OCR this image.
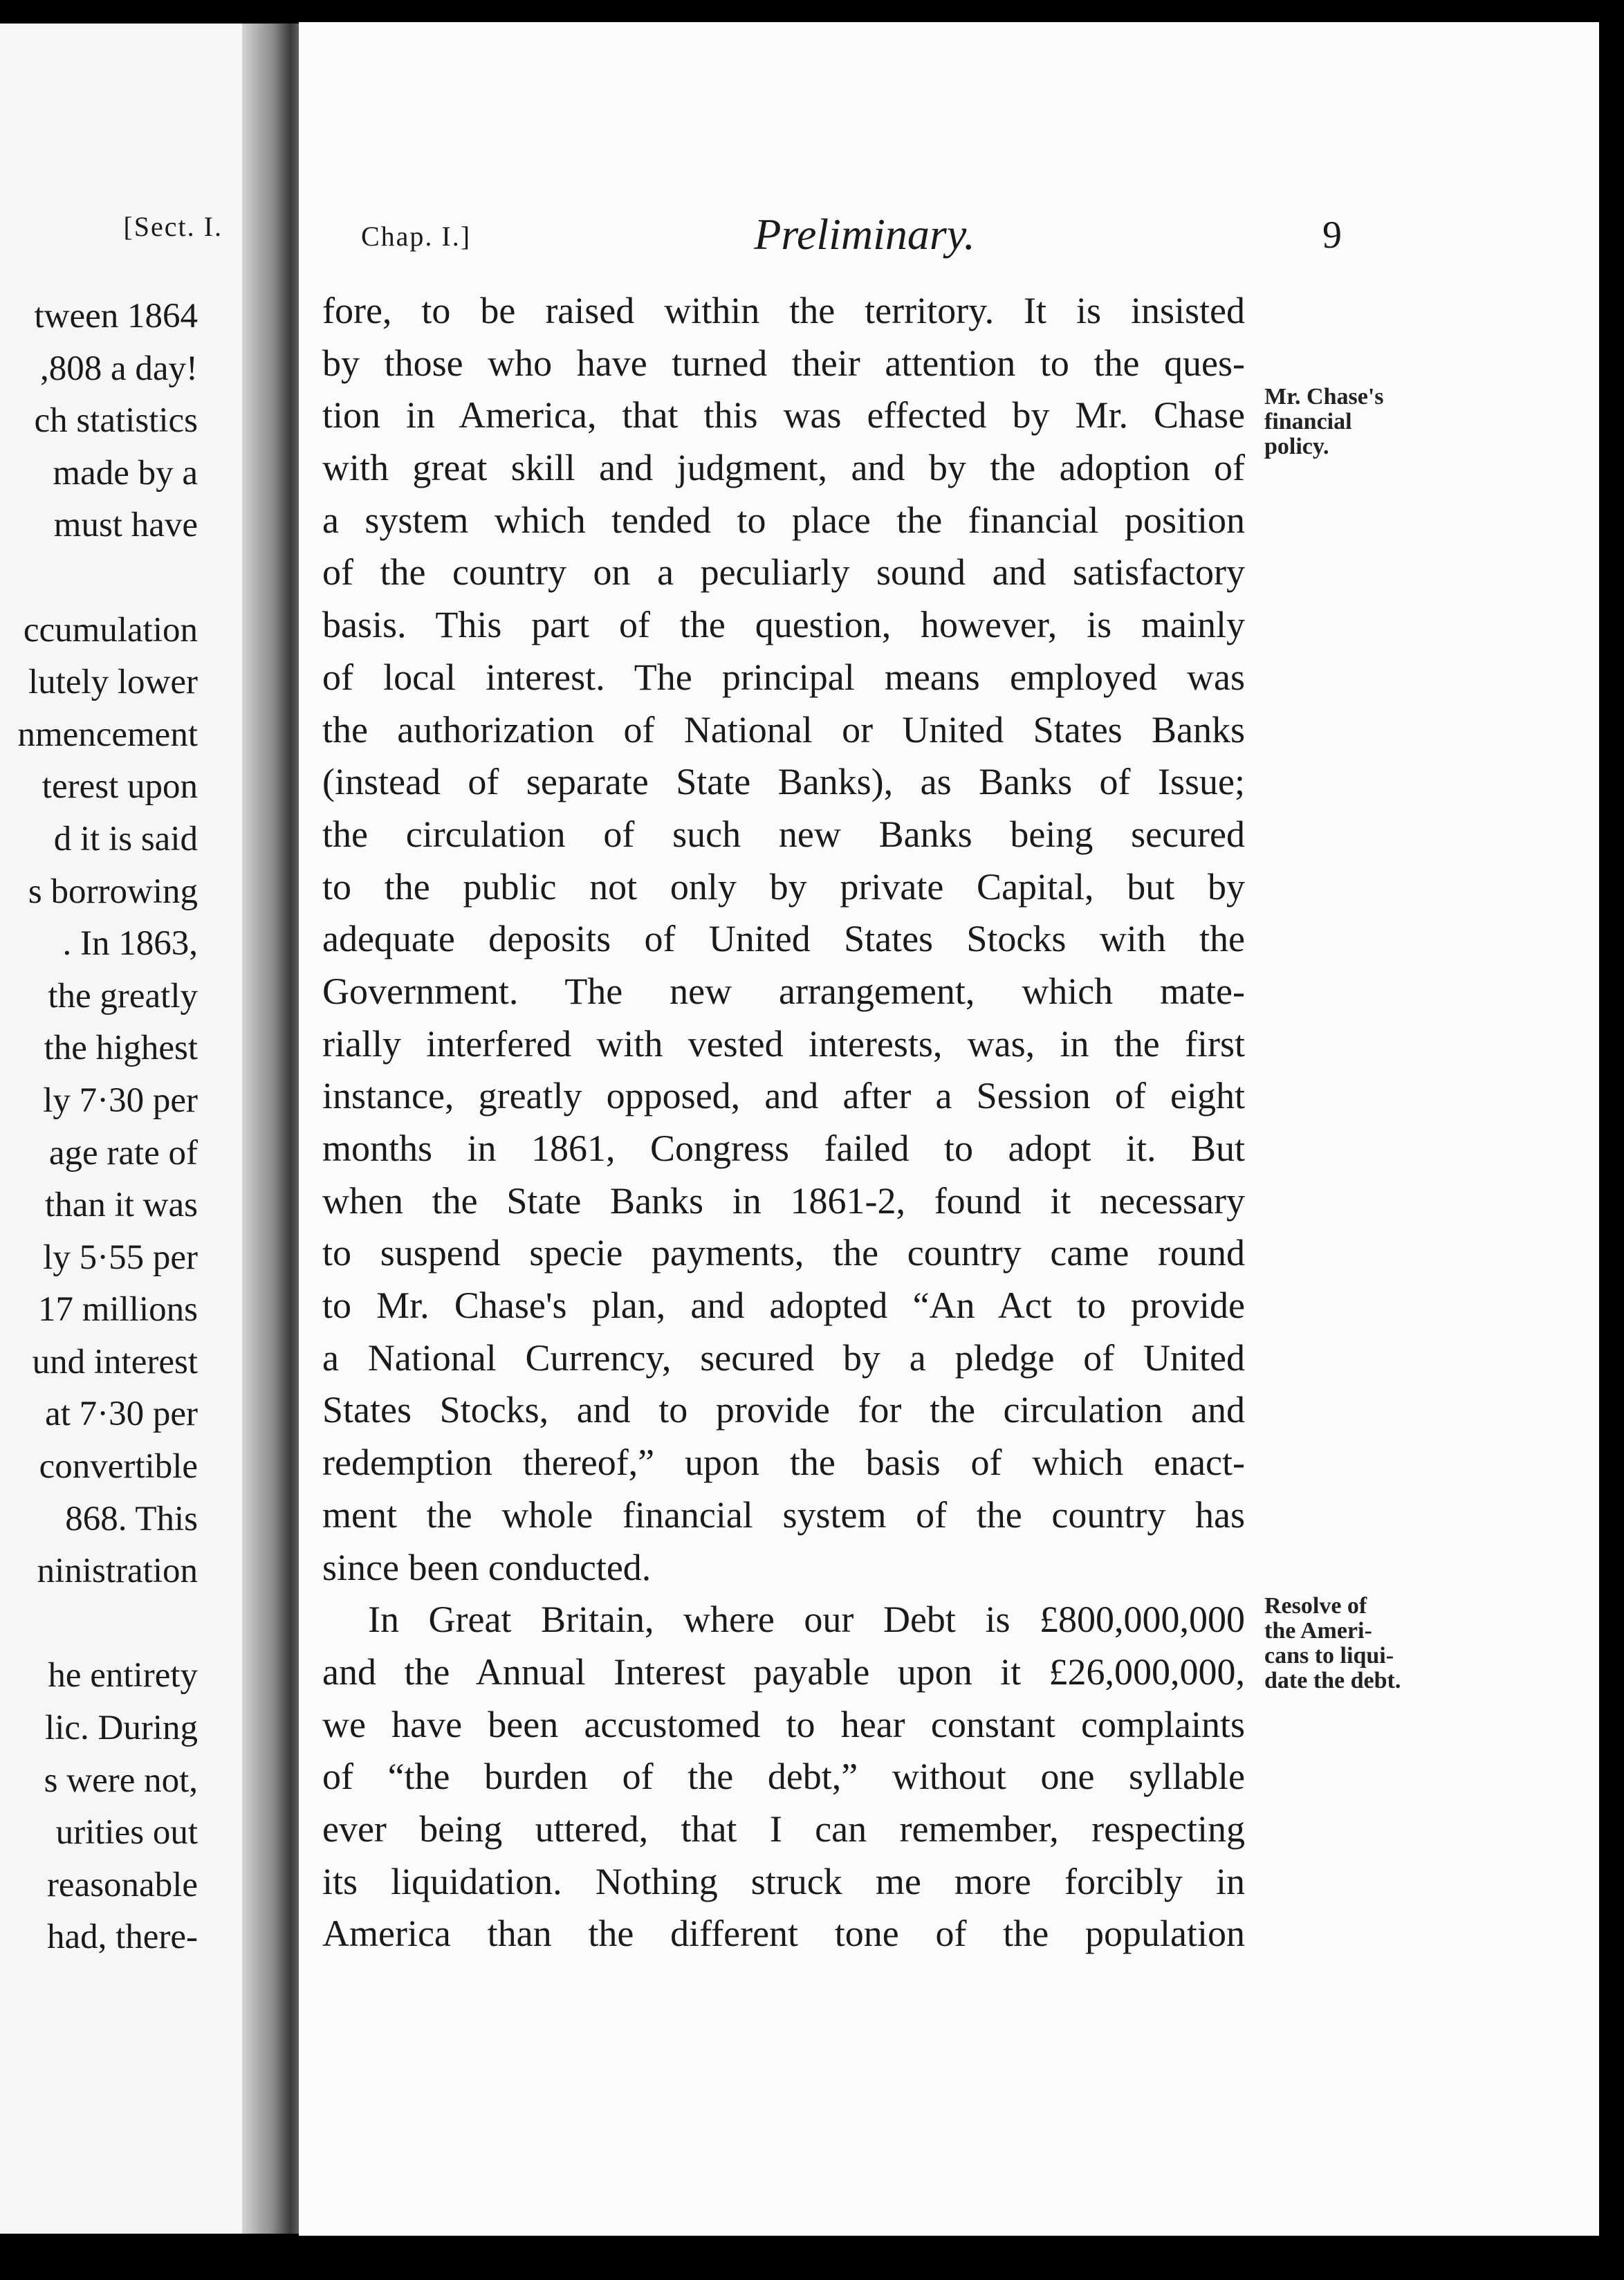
[Sect. I.
tween 1864
,808 a day!
ch statistics
made by a
must have
ccumulation
lutely lower
nmencement
terest upon
d it is said
s borrowing
. In 1863,
the greatly
the highest
ly 7·30 per
age rate of
than it was
ly 5·55 per
17 millions
und interest
at 7·30 per
convertible
868. This
ninistration
he entirety
lic. During
s were not,
urities out
reasonable
had, there-
Chap. I.]	Preliminary.	9
fore, to be raised within the territory. It is insisted
by those who have turned their attention to the ques-
tion in America, that this was effected by Mr. Chase
with great skill and judgment, and by the adoption of
a system which tended to place the financial position
of the country on a peculiarly sound and satisfactory
basis. This part of the question, however, is mainly
of local interest. The principal means employed was
the authorization of National or United States Banks
(instead of separate State Banks), as Banks of Issue;
the circulation of such new Banks being secured
to the public not only by private Capital, but by
adequate deposits of United States Stocks with the
Government. The new arrangement, which mate-
rially interfered with vested interests, was, in the first
instance, greatly opposed, and after a Session of eight
months in 1861, Congress failed to adopt it. But
when the State Banks in 1861-2, found it necessary
to suspend specie payments, the country came round
to Mr. Chase's plan, and adopted “An Act to provide
a National Currency, secured by a pledge of United
States Stocks, and to provide for the circulation and
redemption thereof,” upon the basis of which enact-
ment the whole financial system of the country has
since been conducted.
In Great Britain, where our Debt is £800,000,000
and the Annual Interest payable upon it £26,000,000,
we have been accustomed to hear constant complaints
of “the burden of the debt,” without one syllable
ever being uttered, that I can remember, respecting
its liquidation. Nothing struck me more forcibly in
America than the different tone of the population
Mr. Chase's
financial
policy.
Resolve of
the Ameri-
cans to liqui-
date the debt.
